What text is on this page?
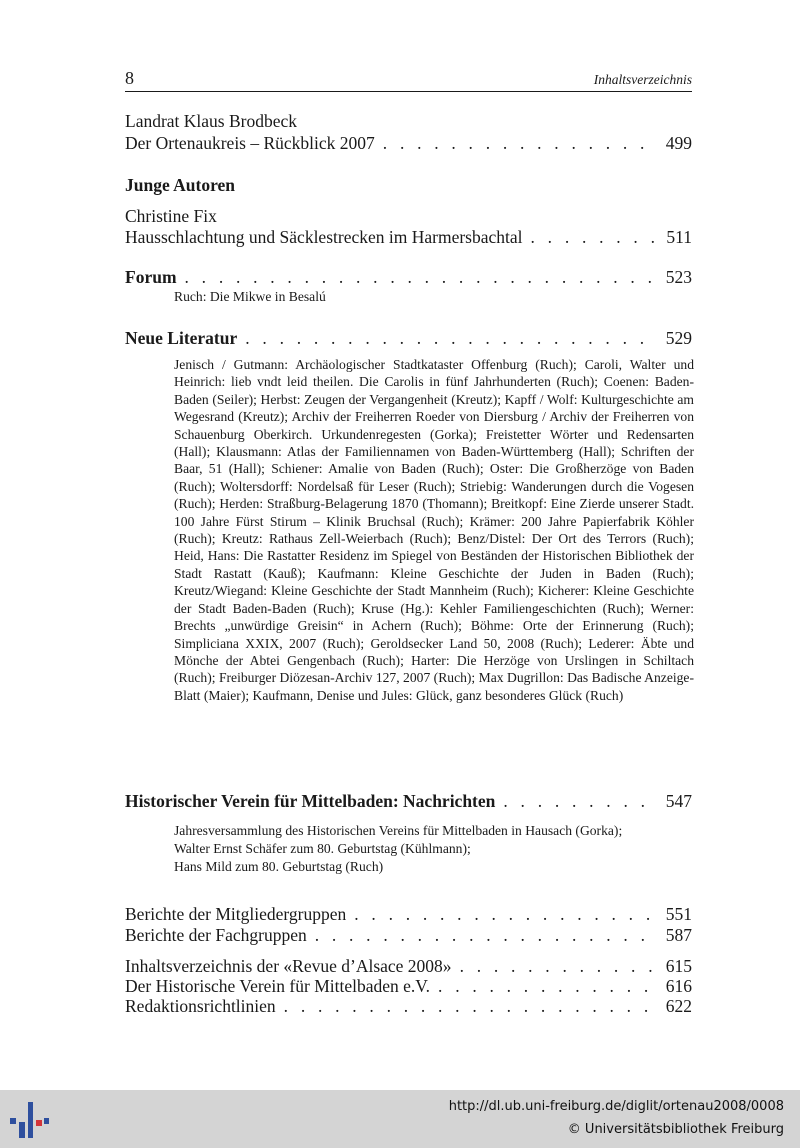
8	Inhaltsverzeichnis
Landrat Klaus Brodbeck
Der Ortenaukreis – Rückblick 2007 . . .	499
Junge Autoren
Christine Fix
Hausschlachtung und Säcklestrecken im Harmersbachtal . . .	511
Forum . . .	523
Ruch: Die Mikwe in Besalú
Neue Literatur . . .	529
Jenisch / Gutmann: Archäologischer Stadtkataster Offenburg (Ruch); Caroli, Walter und Heinrich: lieb vndt leid theilen. Die Carolis in fünf Jahrhunderten (Ruch); Coenen: Baden-Baden (Seiler); Herbst: Zeugen der Vergangenheit (Kreutz); Kapff / Wolf: Kulturgeschichte am Wegesrand (Kreutz); Archiv der Freiherren Roeder von Diersburg / Archiv der Freiherren von Schauenburg Oberkirch. Urkundenregesten (Gorka); Freistetter Wörter und Redensarten (Hall); Klausmann: Atlas der Familiennamen von Baden-Württemberg (Hall); Schriften der Baar, 51 (Hall); Schiener: Amalie von Baden (Ruch); Oster: Die Großherzöge von Baden (Ruch); Woltersdorff: Nordelsaß für Leser (Ruch); Striebig: Wanderungen durch die Vogesen (Ruch); Herden: Straßburg-Belagerung 1870 (Thomann); Breitkopf: Eine Zierde unserer Stadt. 100 Jahre Fürst Stirum – Klinik Bruchsal (Ruch); Krämer: 200 Jahre Papierfabrik Köhler (Ruch); Kreutz: Rathaus Zell-Weierbach (Ruch); Benz/Distel: Der Ort des Terrors (Ruch); Heid, Hans: Die Rastatter Residenz im Spiegel von Beständen der Historischen Bibliothek der Stadt Rastatt (Kauß); Kaufmann: Kleine Geschichte der Juden in Baden (Ruch); Kreutz/Wiegand: Kleine Geschichte der Stadt Mannheim (Ruch); Kicherer: Kleine Geschichte der Stadt Baden-Baden (Ruch); Kruse (Hg.): Kehler Familiengeschichten (Ruch); Werner: Brechts „unwürdige Greisin“ in Achern (Ruch); Böhme: Orte der Erinnerung (Ruch); Simpliciana XXIX, 2007 (Ruch); Geroldsecker Land 50, 2008 (Ruch); Lederer: Äbte und Mönche der Abtei Gengenbach (Ruch); Harter: Die Herzöge von Urslingen in Schiltach (Ruch); Freiburger Diözesan-Archiv 127, 2007 (Ruch); Max Dugrillon: Das Badische Anzeige-Blatt (Maier); Kaufmann, Denise und Jules: Glück, ganz besonderes Glück (Ruch)
Historischer Verein für Mittelbaden: Nachrichten . . .	547
Jahresversammlung des Historischen Vereins für Mittelbaden in Hausach (Gorka);
Walter Ernst Schäfer zum 80. Geburtstag (Kühlmann);
Hans Mild zum 80. Geburtstag (Ruch)
Berichte der Mitgliedergruppen . . .	551
Berichte der Fachgruppen . . .	587
Inhaltsverzeichnis der «Revue d’Alsace 2008» . . .	615
Der Historische Verein für Mittelbaden e.V. . . .	616
Redaktionsrichtlinien . . .	622
http://dl.ub.uni-freiburg.de/diglit/ortenau2008/0008
© Universitätsbibliothek Freiburg
